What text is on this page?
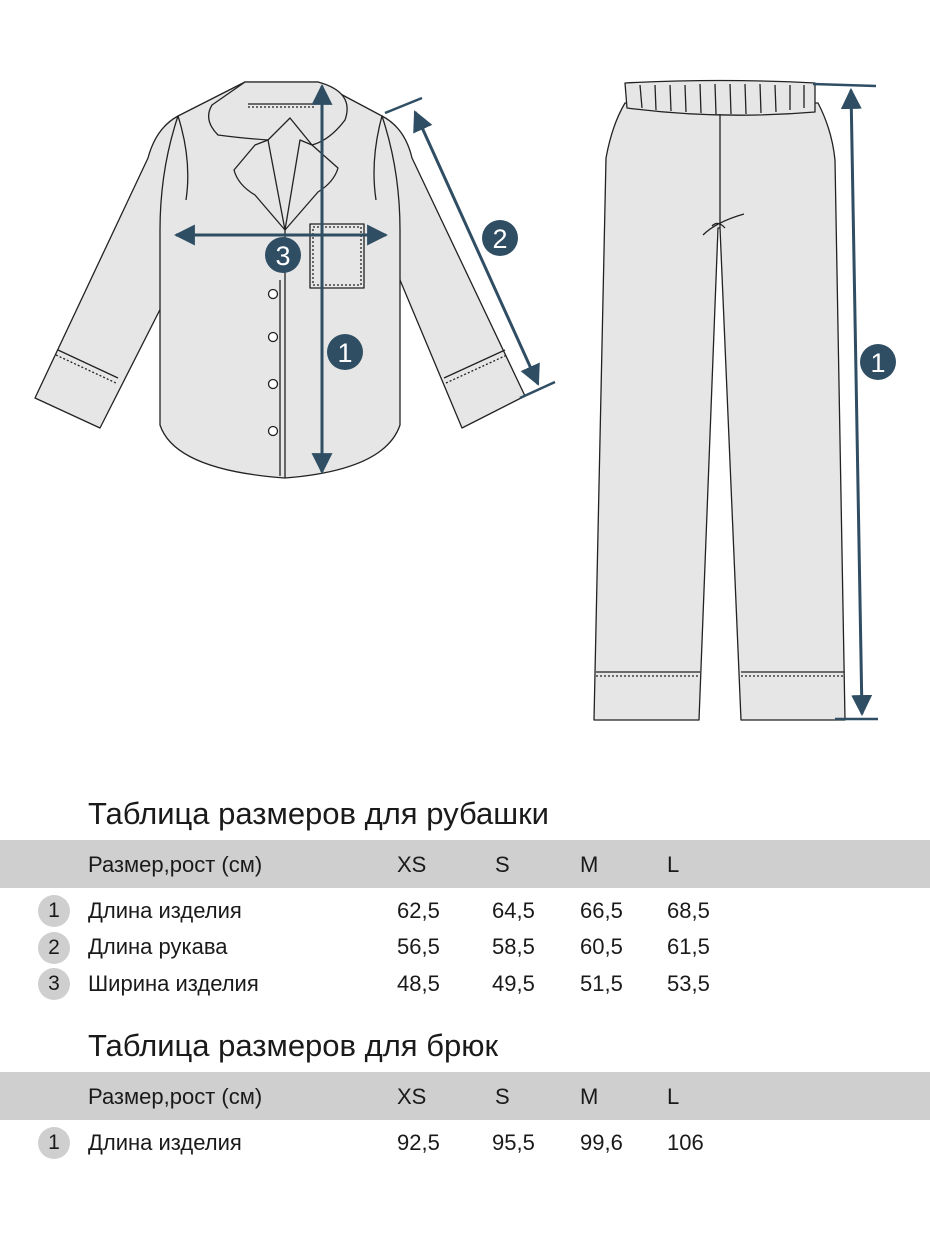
1
2
3
1
Таблица размеров для рубашки
Размер,рост (см)	XS	S	M	L
1	Длина изделия	62,5 64,5 66,5 68,5
2	Длина рукава	56,5 58,5 60,5 61,5
3	Ширина изделия	48,5 49,5 51,5 53,5
Таблица размеров для брюк
Размер,рост (см)	XS	S	M	L
1	Длина изделия	92,5 95,5 99,6 106
